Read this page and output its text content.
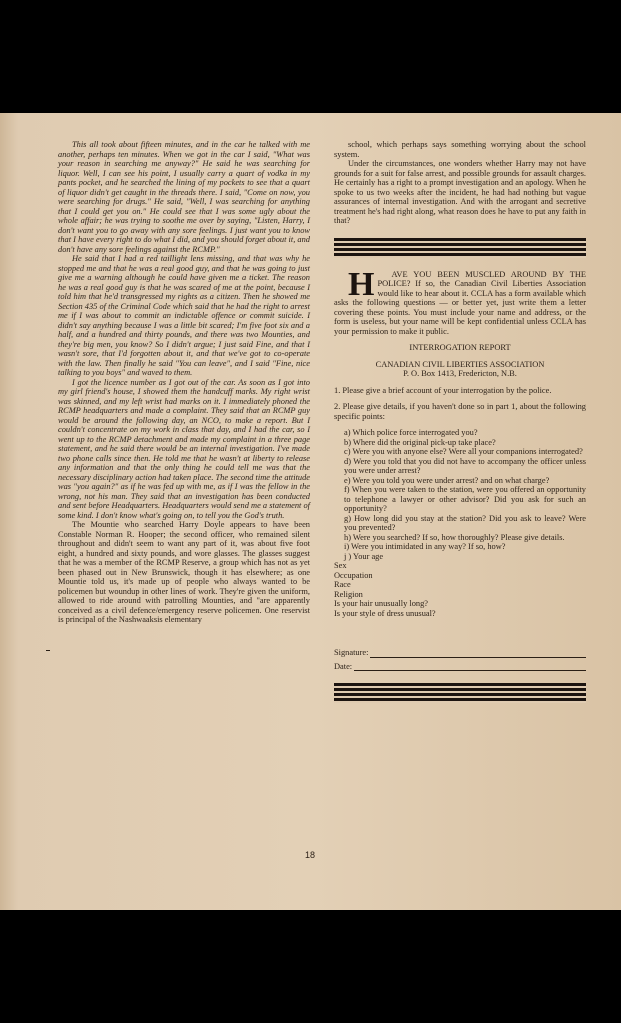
This all took about fifteen minutes, and in the car he talked with me another, perhaps ten minutes. When we got in the car I said, "What was your reason in searching me anyway?" He said he was searching for liquor. Well, I can see his point, I usually carry a quart of vodka in my pants pocket, and he searched the lining of my pockets to see that a quart of liquor didn't get caught in the threads there. I said, "Come on now, you were searching for drugs." He said, "Well, I was searching for anything that I could get you on." He could see that I was some ugly about the whole affair; he was trying to soothe me over by saying, "Listen, Harry, I don't want you to go away with any sore feelings. I just want you to know that I have every right to do what I did, and you should forget about it, and don't have any sore feelings against the RCMP."

He said that I had a red taillight lens missing, and that was why he stopped me and that he was a real good guy, and that he was going to just give me a warning although he could have given me a ticket. The reason he was a real good guy is that he was scared of me at the point, because I told him that he'd transgressed my rights as a citizen. Then he showed me Section 435 of the Criminal Code which said that he had the right to arrest me if I was about to commit an indictable offence or commit suicide. I didn't say anything because I was a little bit scared; I'm five foot six and a half, and a hundred and thirty pounds, and there was two Mounties, and they're big men, you know? So I didn't argue; I just said Fine, and that I wasn't sore, that I'd forgotten about it, and that we've got to co-operate with the law. Then finally he said "You can leave", and I said "Fine, nice talking to you boys" and waved to them.

I got the licence number as I got out of the car. As soon as I got into my girl friend's house, I showed them the handcuff marks. My right wrist was skinned, and my left wrist had marks on it. I immediately phoned the RCMP headquarters and made a complaint. They said that an RCMP guy would be around the following day, an NCO, to make a report. But I couldn't concentrate on my work in class that day, and I had the car, so I went up to the RCMP detachment and made my complaint in a three page statement, and he said there would be an internal investigation. I've made two phone calls since then. He told me that he wasn't at liberty to release any information and that the only thing he could tell me was that the necessary disciplinary action had taken place. The second time the attitude was "you again?" as if he was fed up with me, as if I was the fellow in the wrong, not his man. They said that an investigation has been conducted and sent before Headquarters. Headquarters would send me a statement of some kind. I don't know what's going on, to tell you the God's truth.

The Mountie who searched Harry Doyle appears to have been Constable Norman R. Hooper; the second officer, who remained silent throughout and didn't seem to want any part of it, was about five foot eight, a hundred and sixty pounds, and wore glasses. The glasses suggest that he was a member of the RCMP Reserve, a group which has not as yet been phased out in New Brunswick, though it has elsewhere; as one Mountie told us, it's made up of people who always wanted to be policemen but woundup in other lines of work. They're given the uniform, allowed to ride around with patrolling Mounties, and "are apparently conceived as a civil defence/emergency reserve policemen. One reservist is principal of the Nashwaaksis elementary

school, which perhaps says something worrying about the school system.

Under the circumstances, one wonders whether Harry may not have grounds for a suit for false arrest, and possible grounds for assault charges. He certainly has a right to a prompt investigation and an apology. When he spoke to us two weeks after the incident, he had had nothing but vague assurances of internal investigation. And with the arrogant and secretive treatment he's had right along, what reason does he have to put any faith in that?

H AVE YOU BEEN MUSCLED AROUND BY THE POLICE? If so, the Canadian Civil Liberties Association would like to hear about it. CCLA has a form available which asks the following questions — or better yet, just write them a letter covering these points. You must include your name and address, or the form is useless, but your name will be kept confidential unless CCLA has your permission to make it public.

INTERROGATION REPORT

CANADIAN CIVIL LIBERTIES ASSOCIATION

P. O. Box 1413, Fredericton, N.B.

1. Please give a brief account of your interrogation by the police.

2. Please give details, if you haven't done so in part 1, about the following specific points:

a) Which police force interrogated you?

b) Where did the original pick-up take place?

c) Were you with anyone else? Were all your companions interrogated?

d) Were you told that you did not have to accompany the officer unless you were under arrest?

e) Were you told you were under arrest? and on what charge?

f) When you were taken to the station, were you offered an opportunity to telephone a lawyer or other advisor? Did you ask for such an opportunity?

g) How long did you stay at the station? Did you ask to leave? Were you prevented?

h) Were you searched? If so, how thoroughly? Please give details.

i) Were you intimidated in any way? If so, how?

j ) Your age

Sex

Occupation

Race

Religion

Is your hair unusually long?

Is your style of dress unusual?

Signature:
Date:
18
